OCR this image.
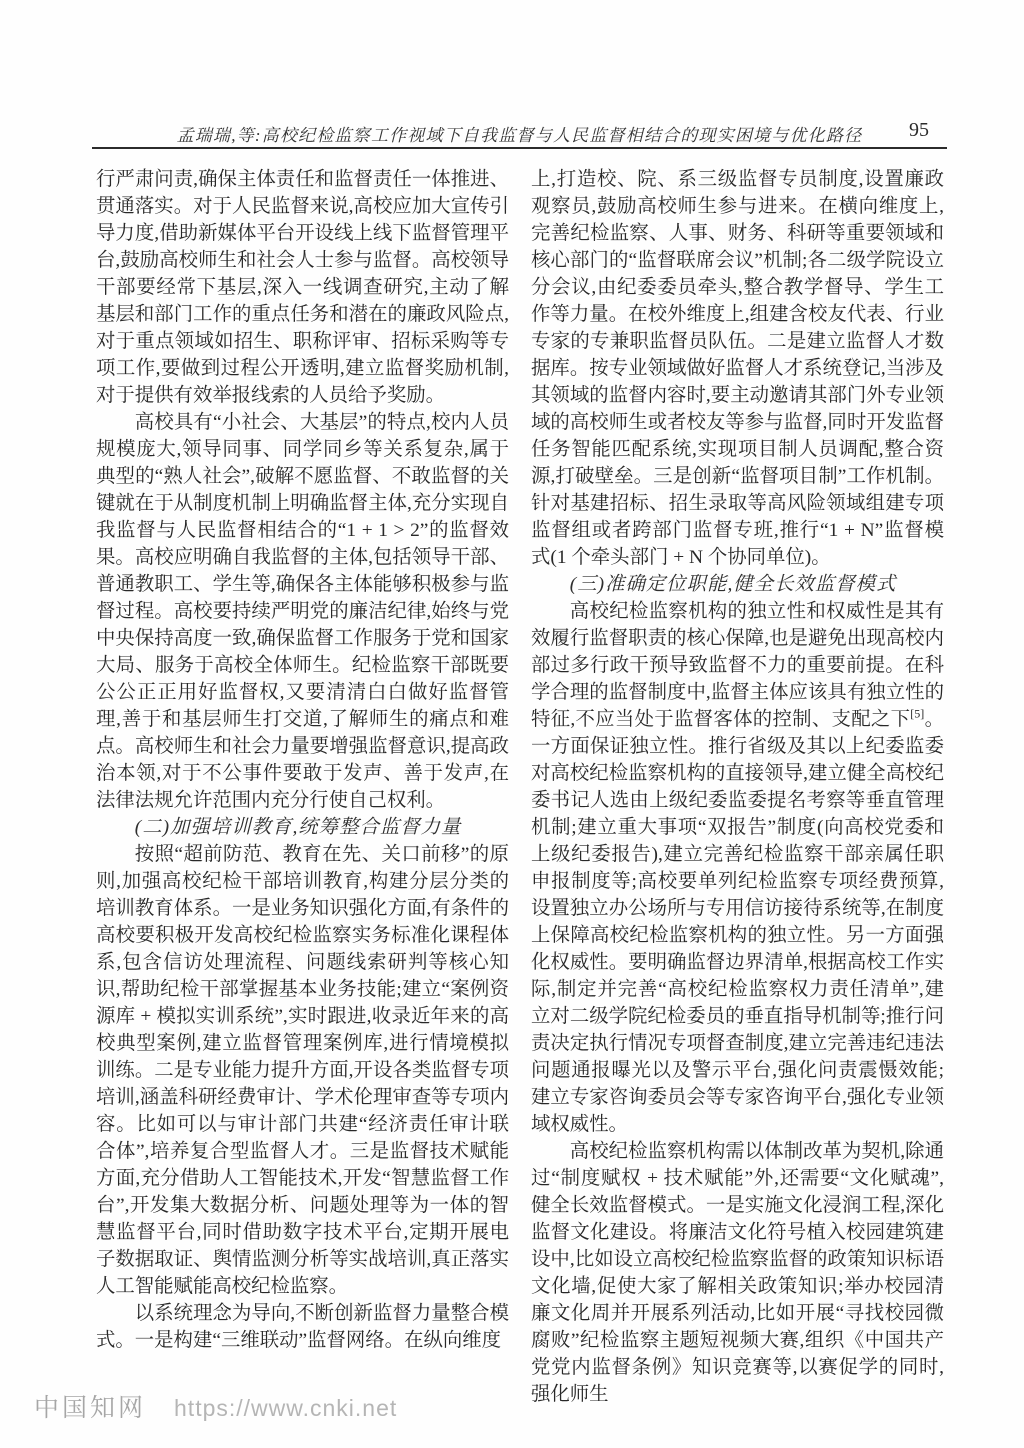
孟瑞瑞,等:高校纪检监察工作视域下自我监督与人民监督相结合的现实困境与优化路径	95

行严肃问责,确保主体责任和监督责任一体推进、贯通落实。对于人民监督来说,高校应加大宣传引导力度,借助新媒体平台开设线上线下监督管理平台,鼓励高校师生和社会人士参与监督。高校领导干部要经常下基层,深入一线调查研究,主动了解基层和部门工作的重点任务和潜在的廉政风险点,对于重点领域如招生、职称评审、招标采购等专项工作,要做到过程公开透明,建立监督奖励机制,对于提供有效举报线索的人员给予奖励。

高校具有“小社会、大基层”的特点,校内人员规模庞大,领导同事、同学同乡等关系复杂,属于典型的“熟人社会”,破解不愿监督、不敢监督的关键就在于从制度机制上明确监督主体,充分实现自我监督与人民监督相结合的“1 + 1 > 2”的监督效果。高校应明确自我监督的主体,包括领导干部、普通教职工、学生等,确保各主体能够积极参与监督过程。高校要持续严明党的廉洁纪律,始终与党中央保持高度一致,确保监督工作服务于党和国家大局、服务于高校全体师生。纪检监察干部既要公公正正用好监督权,又要清清白白做好监督管理,善于和基层师生打交道,了解师生的痛点和难点。高校师生和社会力量要增强监督意识,提高政治本领,对于不公事件要敢于发声、善于发声,在法律法规允许范围内充分行使自己权利。

(二)加强培训教育,统筹整合监督力量

按照“超前防范、教育在先、关口前移”的原则,加强高校纪检干部培训教育,构建分层分类的培训教育体系。一是业务知识强化方面,有条件的高校要积极开发高校纪检监察实务标准化课程体系,包含信访处理流程、问题线索研判等核心知识,帮助纪检干部掌握基本业务技能;建立“案例资源库 + 模拟实训系统”,实时跟进,收录近年来的高校典型案例,建立监督管理案例库,进行情境模拟训练。二是专业能力提升方面,开设各类监督专项培训,涵盖科研经费审计、学术伦理审查等专项内容。比如可以与审计部门共建“经济责任审计联合体”,培养复合型监督人才。三是监督技术赋能方面,充分借助人工智能技术,开发“智慧监督工作台”,开发集大数据分析、问题处理等为一体的智慧监督平台,同时借助数字技术平台,定期开展电子数据取证、舆情监测分析等实战培训,真正落实人工智能赋能高校纪检监察。

以系统理念为导向,不断创新监督力量整合模式。一是构建“三维联动”监督网络。在纵向维度

上,打造校、院、系三级监督专员制度,设置廉政观察员,鼓励高校师生参与进来。在横向维度上,完善纪检监察、人事、财务、科研等重要领域和核心部门的“监督联席会议”机制;各二级学院设立分会议,由纪委委员牵头,整合教学督导、学生工作等力量。在校外维度上,组建含校友代表、行业专家的专兼职监督员队伍。二是建立监督人才数据库。按专业领域做好监督人才系统登记,当涉及其领域的监督内容时,要主动邀请其部门外专业领域的高校师生或者校友等参与监督,同时开发监督任务智能匹配系统,实现项目制人员调配,整合资源,打破壁垒。三是创新“监督项目制”工作机制。针对基建招标、招生录取等高风险领域组建专项监督组或者跨部门监督专班,推行“1 + N”监督模式(1 个牵头部门 + N 个协同单位)。

(三)准确定位职能,健全长效监督模式

高校纪检监察机构的独立性和权威性是其有效履行监督职责的核心保障,也是避免出现高校内部过多行政干预导致监督不力的重要前提。在科学合理的监督制度中,监督主体应该具有独立性的特征,不应当处于监督客体的控制、支配之下[5]。一方面保证独立性。推行省级及其以上纪委监委对高校纪检监察机构的直接领导,建立健全高校纪委书记人选由上级纪委监委提名考察等垂直管理机制;建立重大事项“双报告”制度(向高校党委和上级纪委报告),建立完善纪检监察干部亲属任职申报制度等;高校要单列纪检监察专项经费预算,设置独立办公场所与专用信访接待系统等,在制度上保障高校纪检监察机构的独立性。另一方面强化权威性。要明确监督边界清单,根据高校工作实际,制定并完善“高校纪检监察权力责任清单”,建立对二级学院纪检委员的垂直指导机制等;推行问责决定执行情况专项督查制度,建立完善违纪违法问题通报曝光以及警示平台,强化问责震慑效能;建立专家咨询委员会等专家咨询平台,强化专业领域权威性。

高校纪检监察机构需以体制改革为契机,除通过“制度赋权 + 技术赋能”外,还需要“文化赋魂”,健全长效监督模式。一是实施文化浸润工程,深化监督文化建设。将廉洁文化符号植入校园建筑建设中,比如设立高校纪检监察监督的政策知识标语文化墙,促使大家了解相关政策知识;举办校园清廉文化周并开展系列活动,比如开展“寻找校园微腐败”纪检监察主题短视频大赛,组织《中国共产党党内监督条例》知识竞赛等,以赛促学的同时,强化师生

中国知网 https://www.cnki.net
